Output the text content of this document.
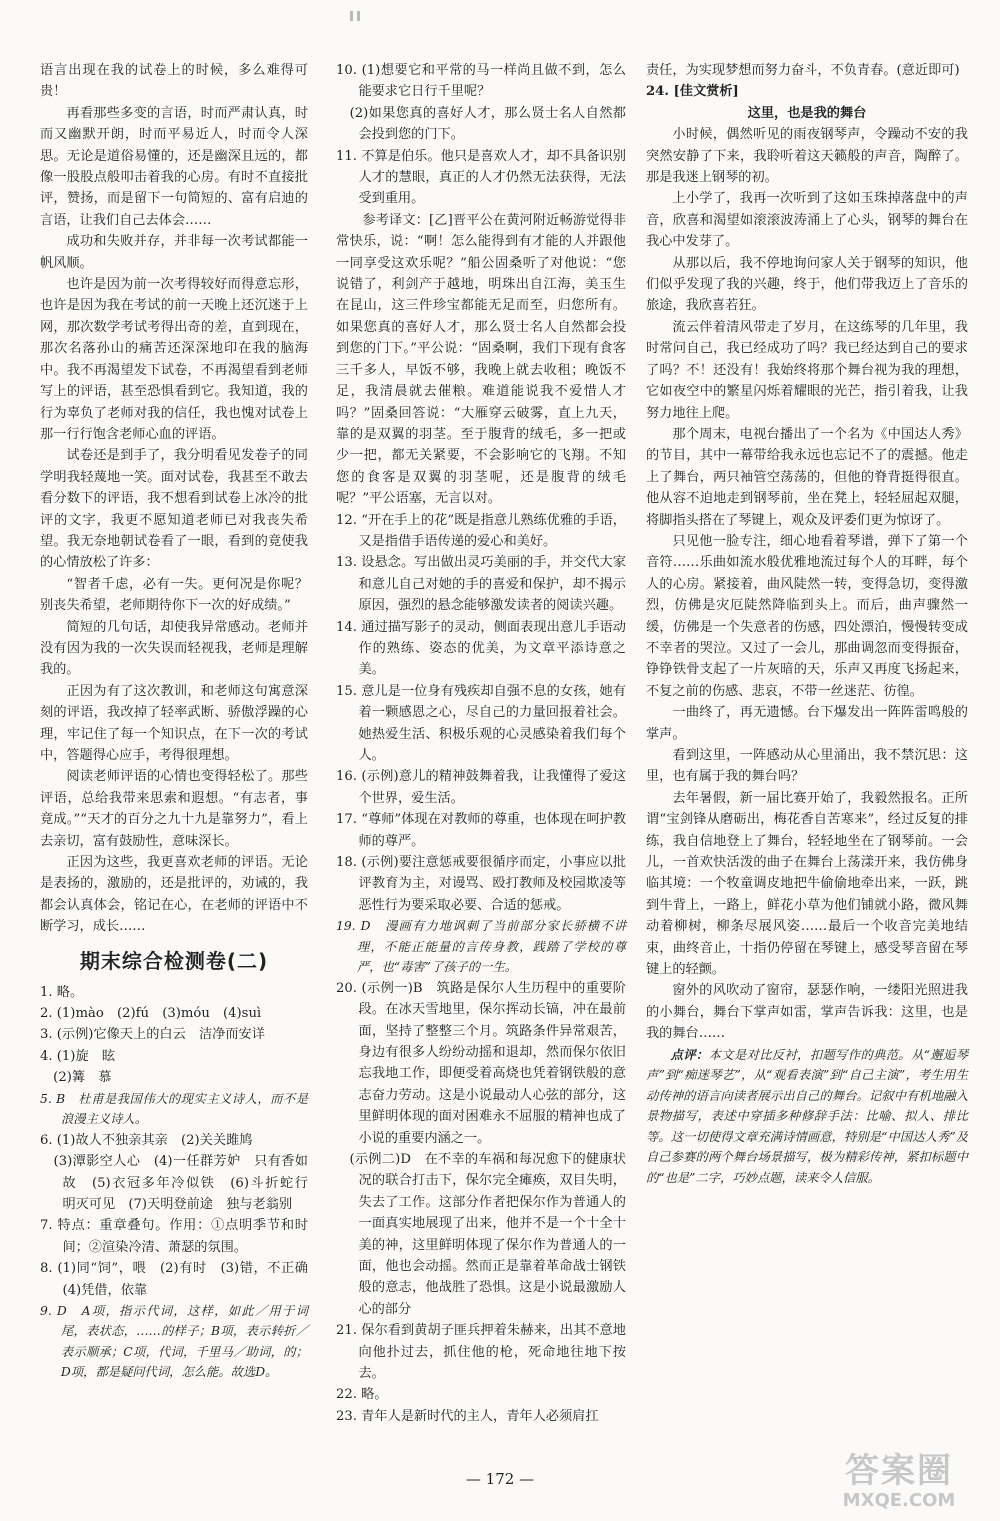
语言出现在我的试卷上的时候，多么难得可贵！

再看那些多变的言语，时而严肃认真，时而又幽默开朗，时而平易近人，时而令人深思。无论是道俗易懂的，还是幽深且远的，都像一股股点般叩击着我的心房。有时不直接批评，赞扬，而是留下一句简短的、富有启迪的言语，让我们自己去体会……

成功和失败并存，并非每一次考试都能一帆风顺。

也许是因为前一次考得较好而得意忘形，也许是因为我在考试的前一天晚上还沉迷于上网，那次数学考试考得出奇的差，直到现在，那次名落孙山的痛苦还深深地印在我的脑海中。我不再渴望发下试卷，不再渴望看到老师写上的评语，甚至恐惧看到它。我知道，我的行为辜负了老师对我的信任，我也愧对试卷上那一行行饱含老师心血的评语。

试卷还是到手了，我分明看见发卷子的同学明我轻蔑地一笑。面对试卷，我甚至不敢去看分数下的评语，我不想看到试卷上冰冷的批评的文字，我更不愿知道老师已对我丧失希望。我无奈地朝试卷看了一眼，看到的竟使我的心情放松了许多：

“智者千虑，必有一失。更何况是你呢？别丧失希望，老师期待你下一次的好成绩。”

简短的几句话，却使我异常感动。老师并没有因为我的一次失误而轻视我，老师是理解我的。

正因为有了这次教训，和老师这句寓意深刻的评语，我改掉了轻率武断、骄傲浮躁的心理，牢记住了每一个知识点，在下一次的考试中，答题得心应手，考得很理想。

阅读老师评语的心情也变得轻松了。那些评语，总给我带来思索和遐想。“有志者，事竟成。”“天才的百分之九十九是靠努力”，看上去亲切，富有鼓励性，意味深长。

正因为这些，我更喜欢老师的评语。无论是表扬的，激励的，还是批评的，劝诫的，我都会认真体会，铭记在心，在老师的评语中不断学习，成长……

期末综合检测卷(二)

1. 略。

2. (1)mào　(2)fú　(3)móu　(4)suì

3. (示例)它像天上的白云　洁净而安详

4. (1)旋　眩

　(2)篝　慕

5. B　杜甫是我国伟大的现实主义诗人，而不是浪漫主义诗人。

6. (1)故人不独亲其亲　(2)关关雎鸠

　(3)潭影空人心　(4)一任群芳妒　只有香如故　(5)衣冠多年冷似铁　(6)斗折蛇行　明灭可见　(7)天明登前途　独与老翁别

7. 特点：重章叠句。作用：①点明季节和时间；②渲染冷清、萧瑟的氛围。

8. (1)同“饲”，喂　(2)有时　(3)错，不正确　(4)凭借，依靠

9. D　A项，指示代词，这样，如此／用于词尾，表状态，……的样子；B项，表示转折／表示顺承；C项，代词，千里马／助词，的；D项，都是疑问代词，怎么能。故选D。

10. (1)想要它和平常的马一样尚且做不到，怎么能要求它日行千里呢？

　(2)如果您真的喜好人才，那么贤士名人自然都会投到您的门下。

11. 不算是伯乐。他只是喜欢人才，却不具备识别人才的慧眼，真正的人才仍然无法获得，无法受到重用。

参考译文：[乙]晋平公在黄河附近畅游觉得非常快乐，说：“啊！怎么能得到有才能的人并跟他一同享受这欢乐呢？”船公固桑听了对他说：“您说错了，利剑产于越地，明珠出自江海，美玉生在昆山，这三件珍宝都能无足而至，归您所有。如果您真的喜好人才，那么贤士名人自然都会投到您的门下。”平公说：“固桑啊，我们下现有食客三千多人，早饭不够，我晚上就去收租；晚饭不足，我清晨就去催粮。难道能说我不爱惜人才吗？”固桑回答说：“大雁穿云破雾，直上九天，靠的是双翼的羽茎。至于腹背的绒毛，多一把或少一把，都无关紧要，不会影响它的飞翔。不知您的食客是双翼的羽茎呢，还是腹背的绒毛呢？”平公语塞，无言以对。

12. “开在手上的花”既是指意儿熟练优雅的手语，又是指借手语传递的爱心和美好。

13. 设悬念。写出做出灵巧美丽的手，并交代大家和意儿自己对她的手的喜爱和保护，却不揭示原因，强烈的悬念能够激发读者的阅读兴趣。

14. 通过描写影子的灵动，侧面表现出意儿手语动作的熟练、姿态的优美，为文章平添诗意之美。

15. 意儿是一位身有残疾却自强不息的女孩，她有着一颗感恩之心，尽自己的力量回报着社会。她热爱生活、积极乐观的心灵感染着我们每个人。

16. (示例)意儿的精神鼓舞着我，让我懂得了爱这个世界，爱生活。

17. “尊师”体现在对教师的尊重，也体现在呵护教师的尊严。

18. (示例)要注意惩戒要很循序而定，小事应以批评教育为主，对谩骂、殴打教师及校园欺凌等恶性行为要采取必要、合适的惩戒。

19. D　漫画有力地讽刺了当前部分家长骄横不讲理，不能正能量的言传身教，践踏了学校的尊严，也“毒害”了孩子的一生。

20. (示例一)B　筑路是保尔人生历程中的重要阶段。在冰天雪地里，保尔挥动长镐，冲在最前面，坚持了整整三个月。筑路条件异常艰苦，身边有很多人纷纷动摇和退却，然而保尔依旧忘我地工作，即便受着高烧也凭着钢铁般的意志奋力劳动。这是小说最动人心弦的部分，这里鲜明体现的面对困难永不屈服的精神也成了小说的重要内涵之一。

　(示例二)D　在不幸的车祸和每况愈下的健康状况的联合打击下，保尔完全瘫痪，双目失明，失去了工作。这部分作者把保尔作为普通人的一面真实地展现了出来，他并不是一个十全十美的神，这里鲜明体现了保尔作为普通人的一面，他也会动摇。然而正是靠着革命战士钢铁般的意志，他战胜了恐惧。这是小说最激励人心的部分

21. 保尔看到黄胡子匪兵押着朱赫来，出其不意地向他扑过去，抓住他的枪，死命地往地下按去。

22. 略。

23. 青年人是新时代的主人，青年人必须肩扛

责任，为实现梦想而努力奋斗，不负青春。(意近即可)

24. [佳文赏析]

这里，也是我的舞台

小时候，偶然听见的雨夜钢琴声，令躁动不安的我突然安静了下来，我聆听着这天籁般的声音，陶醉了。那是我迷上钢琴的初。

上小学了，我再一次听到了这如玉珠掉落盘中的声音，欣喜和渴望如滚滚波涛涌上了心头，钢琴的舞台在我心中发芽了。

从那以后，我不停地询问家人关于钢琴的知识，他们似乎发现了我的兴趣，终于，他们带我迈上了音乐的旅途，我欣喜若狂。

流云伴着清风带走了岁月，在这练琴的几年里，我时常问自己，我已经成功了吗？我已经达到自己的要求了吗？不！还没有！我始终将那个舞台视为我的理想，它如夜空中的繁星闪烁着耀眼的光芒，指引着我，让我努力地往上爬。

那个周末，电视台播出了一个名为《中国达人秀》的节目，其中一幕带给我永远也忘记不了的震撼。他走上了舞台，两只袖管空荡荡的，但他的脊背挺得很直。他从容不迫地走到钢琴前，坐在凳上，轻轻屈起双腿，将脚指头搭在了琴键上，观众及评委们更为惊讶了。

只见他一脸专注，细心地看着琴谱，弹下了第一个音符……乐曲如流水般优雅地流过每个人的耳畔，每个人的心房。紧接着，曲风陡然一转，变得急切，变得激烈，仿佛是灾厄陡然降临到头上。而后，曲声骤然一缓，仿佛是一个失意者的伤感，四处漂泊，慢慢转变成不幸者的哭泣。又过了一会儿，那曲调忽而变得振奋，铮铮铁骨支起了一片灰暗的天，乐声又再度飞扬起来，不复之前的伤感、悲哀，不带一丝迷茫、彷徨。

一曲终了，再无遗憾。台下爆发出一阵阵雷鸣般的掌声。

看到这里，一阵感动从心里涌出，我不禁沉思：这里，也有属于我的舞台吗？

去年暑假，新一届比赛开始了，我毅然报名。正所谓“宝剑锋从磨砺出，梅花香自苦寒来”，经过反复的排练，我自信地登上了舞台，轻轻地坐在了钢琴前。一会儿，一首欢快活泼的曲子在舞台上荡漾开来，我仿佛身临其境：一个牧童调皮地把牛偷偷地牵出来，一跃，跳到牛背上，一路上，鲜花小草为他们铺就小路，微风舞动着柳树，柳条尽展风姿……最后一个收音完美地结束，曲终音止，十指仍停留在琴键上，感受琴音留在琴键上的轻颤。

窗外的风吹动了窗帘，瑟瑟作响，一缕阳光照进我的小舞台，舞台下掌声如雷，掌声告诉我：这里，也是我的舞台……

点评：本文是对比反衬，扣题写作的典范。从“邂逅琴声”到“痴迷琴艺”，从“观看表演”到“自己主演”，考生用生动传神的语言向读者展示出自己的舞台。记叙中有机地融入景物描写，表述中穿插多种修辞手法：比喻、拟人、排比等。这一切使得文章充满诗情画意，特别是“中国达人秀”及自己参赛的两个舞台场景描写，极为精彩传神，紧扣标题中的“也是”二字，巧妙点题，读来令人信服。

— 172 —	答案圈
MXQE.COM
